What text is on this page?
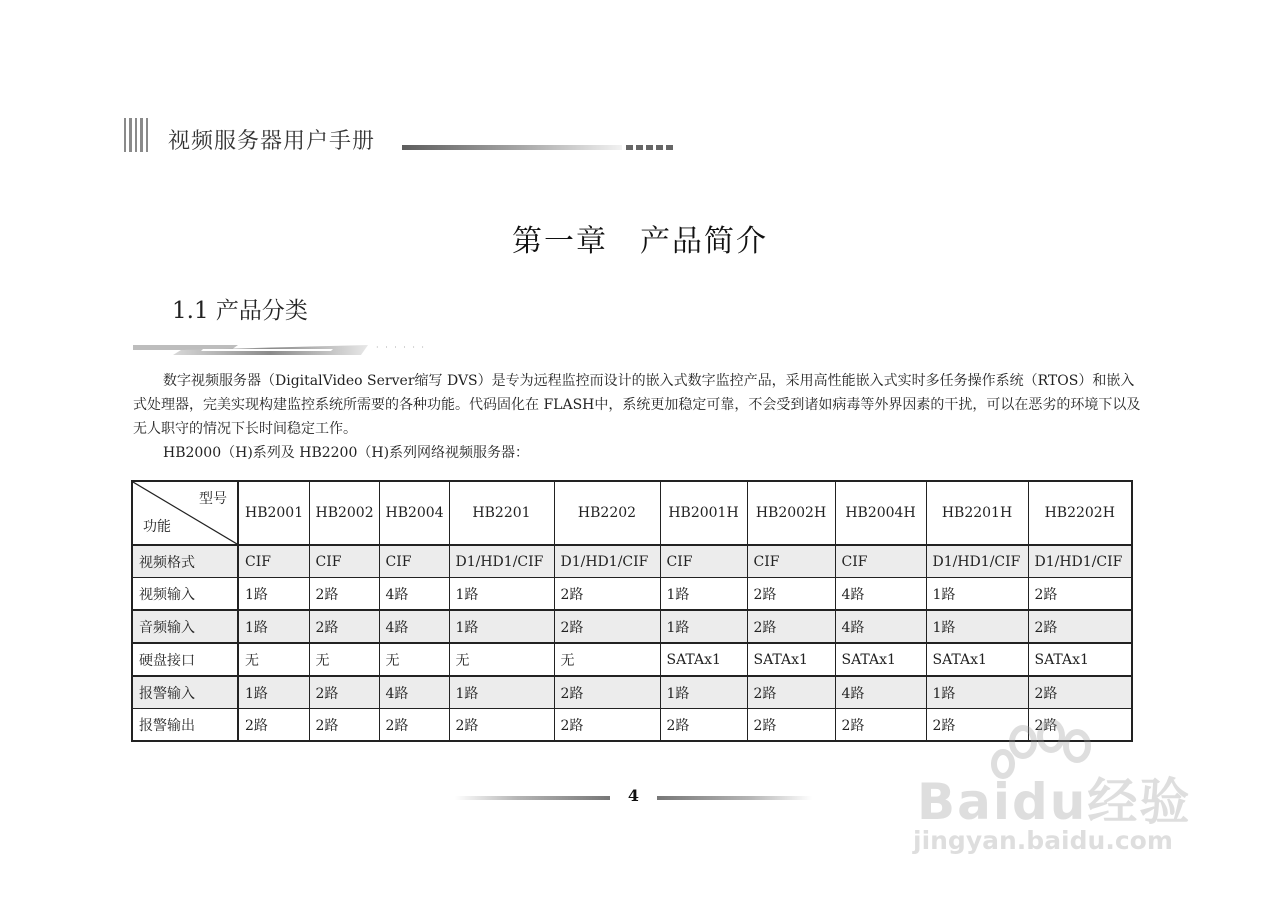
视频服务器用户手册
第一章　产品简介
1.1 产品分类
· · · · · ·
数字视频服务器（DigitalVideo Server缩写 DVS）是专为远程监控而设计的嵌入式数字监控产品，采用高性能嵌入式实时多任务操作系统（RTOS）和嵌入式处理器，完美实现构建监控系统所需要的各种功能。代码固化在 FLASH中，系统更加稳定可靠，不会受到诸如病毒等外界因素的干扰，可以在恶劣的环境下以及无人职守的情况下长时间稳定工作。
HB2000（H)系列及 HB2200（H)系列网络视频服务器：
型号
功能	HB2001	HB2002	HB2004	HB2201	HB2202	HB2001H	HB2002H	HB2004H	HB2201H	HB2202H
视频格式	CIF	CIF	CIF	D1/HD1/CIF	D1/HD1/CIF	CIF	CIF	CIF	D1/HD1/CIF	D1/HD1/CIF
视频输入	1路	2路	4路	1路	2路	1路	2路	4路	1路	2路
音频输入	1路	2路	4路	1路	2路	1路	2路	4路	1路	2路
硬盘接口	无	无	无	无	无	SATAx1	SATAx1	SATAx1	SATAx1	SATAx1
报警输入	1路	2路	4路	1路	2路	1路	2路	4路	1路	2路
报警输出	2路	2路	2路	2路	2路	2路	2路	2路	2路	2路
4	Baidu经验
jingyan.baidu.com
